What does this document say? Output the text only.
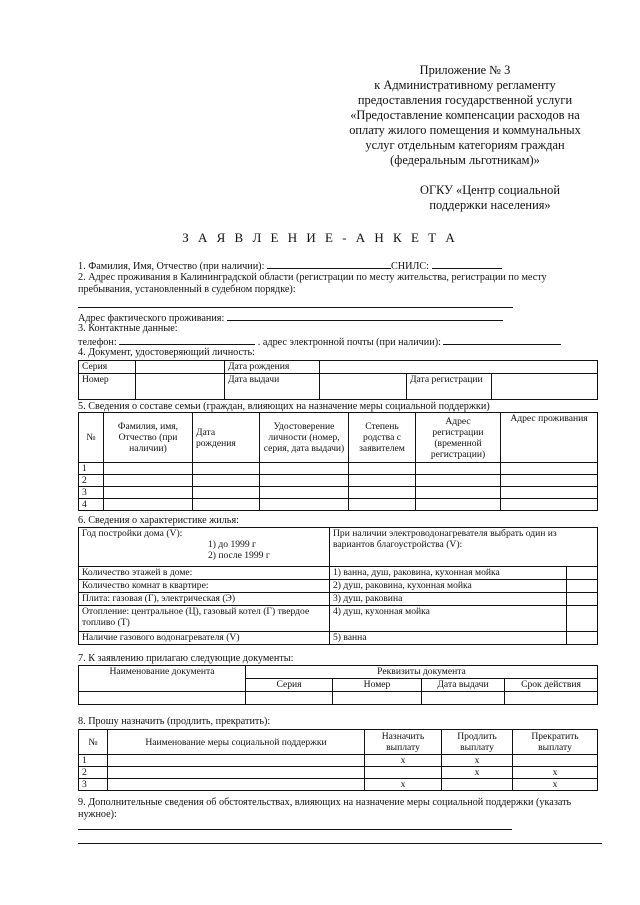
Приложение № 3
к Административному регламенту
предоставления государственной услуги
«Предоставление компенсации расходов на
оплату жилого помещения и коммунальных
услуг отдельным категориям граждан
(федеральным льготникам)»
ОГКУ «Центр социальной
поддержки населения»
З А Я В Л Е Н И Е - А Н К Е Т А
1. Фамилия, Имя, Отчество (при наличии):	СНИЛС:
2. Адрес проживания в Калининградской области (регистрации по месту жительства, регистрации по месту пребывания, установленный в судебном порядке):
Адрес фактического проживания:
3. Контактные данные:
телефон:	. адрес электронной почты (при наличии):
4. Документ, удостоверяющий личность:
Серия		Дата рождения			
Номер		Дата выдачи		Дата регистрации	
5. Сведения о составе семьи (граждан, влияющих на назначение меры социальной поддержки)
№	Фамилия, имя, Отчество (при наличии)	Дата рождения	Удостоверение личности (номер, серия, дата выдачи)	Степень родства с заявителем	Адрес регистрации (временной регистрации)	Адрес проживания
1						
2						
3						
4						
6. Сведения о характеристике жилья:
Год постройки дома (V):
1) до 1999 г
2) после 1999 г	При наличии электроводонагревателя выбрать один из вариантов благоустройства (V):	
Количество этажей в доме:	1) ванна, душ, раковина, кухонная мойка	
Количество комнат в квартире:	2) душ, раковина, кухонная мойка	
Плита: газовая (Г), электрическая (Э)	3) душ, раковина	
Отопление: центральное (Ц), газовый котел (Г) твердое топливо (Т)	4) душ, кухонная мойка	
Наличие газового водонагревателя (V)	5) ванна	
7. К заявлению прилагаю следующие документы:
Наименование документа	Реквизиты документа			
	Серия	Номер	Дата выдачи	Срок действия

8. Прошу назначить (продлить, прекратить):
№	Наименование меры социальной поддержки	Назначить выплату	Продлить выплату	Прекратить выплату
1		x	x	
2			x	x
3		x		x
9. Дополнительные сведения об обстоятельствах, влияющих на назначение меры социальной поддержки (указать нужное):
